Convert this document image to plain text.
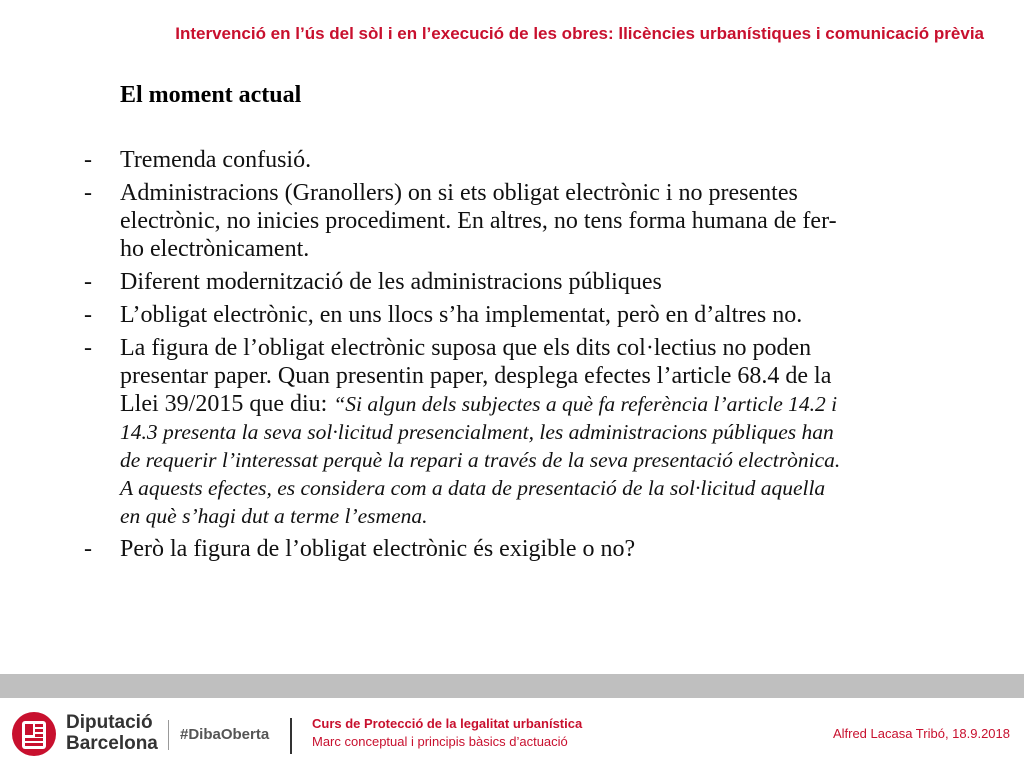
Intervenció en l’ús del sòl i en l’execució de les obres: llicències urbanístiques i comunicació prèvia
El moment actual
- Tremenda confusió.
- Administracions (Granollers) on si ets obligat electrònic i no presentes electrònic, no inicies procediment. En altres, no tens forma humana de fer-ho electrònicament.
- Diferent modernització de les administracions públiques
- L’obligat electrònic, en uns llocs s’ha implementat, però en d’altres no.
- La figura de l’obligat electrònic suposa que els dits col·lectius no poden presentar paper. Quan presentin paper, desplega efectes l’article 68.4 de la Llei 39/2015 que diu: “Si algun dels subjectes a què fa referència l’article 14.2 i 14.3 presenta la seva sol·licitud presencialment, les administracions públiques han de requerir l’interessat perquè la repari a través de la seva presentació electrònica. A aquests efectes, es considera com a data de presentació de la sol·licitud aquella en què s’hagi dut a terme l’esmena.
- Però la figura de l’obligat electrònic és exigible o no?
Diputació
Barcelona #DibaOberta
Curs de Protecció de la legalitat urbanística
Marc conceptual i principis bàsics d’actuació
Alfred Lacasa Tribó, 18.9.2018
